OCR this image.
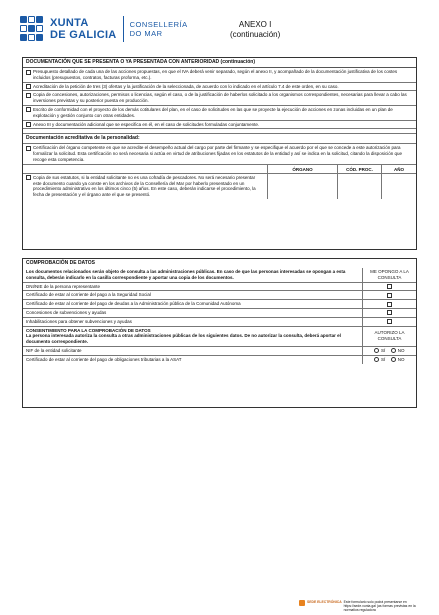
XUNTA
DE GALICIA
CONSELLERÍA
DO MAR
ANEXO I
(continuación)
DOCUMENTACIÓN QUE SE PRESENTA O YA PRESENTADA CON ANTERIORIDAD (continuación)
Presupuesto detallado de cada una de las acciones propuestas, en que el IVA deberá venir separado, según el anexo II, y acompañado de la documentación justificativa de los costes incluidos (presupuestos, contratos, facturas proforma, etc.).
Acreditación de la petición de tres (3) ofertas y la justificación de la seleccionada, de acuerdo con lo indicado en el artículo 7.4 de este orden, en su caso.
Copia de concesiones, autorizaciones, permisos o licencias, según el caso, o de la justificación de haberlos solicitado a los organismos correspondientes, necesarias para llevar a cabo las inversiones previstas y su posterior puesta en producción.
Escrito de conformidad con el proyecto de los demás cotitulares del plan, en el caso de solicitudes en las que se proyecte la ejecución de acciones en zonas incluidas en un plan de explotación y gestión conjunto con otras entidades.
Anexo III y documentación adicional que se especifica en él, en el caso de solicitudes formuladas conjuntamente.
Documentación acreditativa de la personalidad:
Certificación del órgano competente en que se acredite el desempeño actual del cargo por parte del firmante y se especifique el acuerdo por el que se concede a este autorización para formalizar la solicitud. Esta certificación no será necesaria si actúa en virtud de atribuciones fijadas en los estatutos de la entidad y así se indica en la solicitud, citando la disposición que recoge esta competencia.
ÓRGANO	CÓD. PROC.	AÑO
Copia de sus estatutos, si la entidad solicitante no es una cofradía de pescadores. No será necesario presentar este documento cuando ya conste en los archivos de la Consellería del Mar por haberlo presentado en un procedimiento administrativo en los últimos cinco (5) años. En este caso, deberán indicarse el procedimiento, la fecha de presentación y el órgano ante el que se presentó.
COMPROBACIÓN DE DATOS
Los documentos relacionados serán objeto de consulta a las administraciones públicas. En caso de que las personas interesadas se opongan a esta consulta, deberán indicarlo en la casilla correspondiente y aportar una copia de los documentos.
ME OPONGO A LA CONSULTA
DNI/NIE de la persona representante
Certificado de estar al corriente del pago a la Seguridad Social
Certificado de estar al corriente del pago de deudas a la Administración pública de la Comunidad Autónoma
Concesiones de subvenciones y ayudas
Inhabilitaciones para obtener subvenciones y ayudas
CONSENTIMIENTO PARA LA COMPROBACIÓN DE DATOS
La persona interesada autoriza la consulta a otras administraciones públicas de los siguientes datos. De no autorizar la consulta, deberá aportar el documento correspondiente.
AUTORIZO LA CONSULTA
NIF de la entidad solicitante	SÍ	NO
Certificado de estar al corriente del pago de obligaciones tributarias a la ASAT	SÍ	NO
SEDE ELECTRÓNICA Este formulario solo podrá presentarse en https://sede.xunta.gal (as formas previstas en la normativa reguladora
